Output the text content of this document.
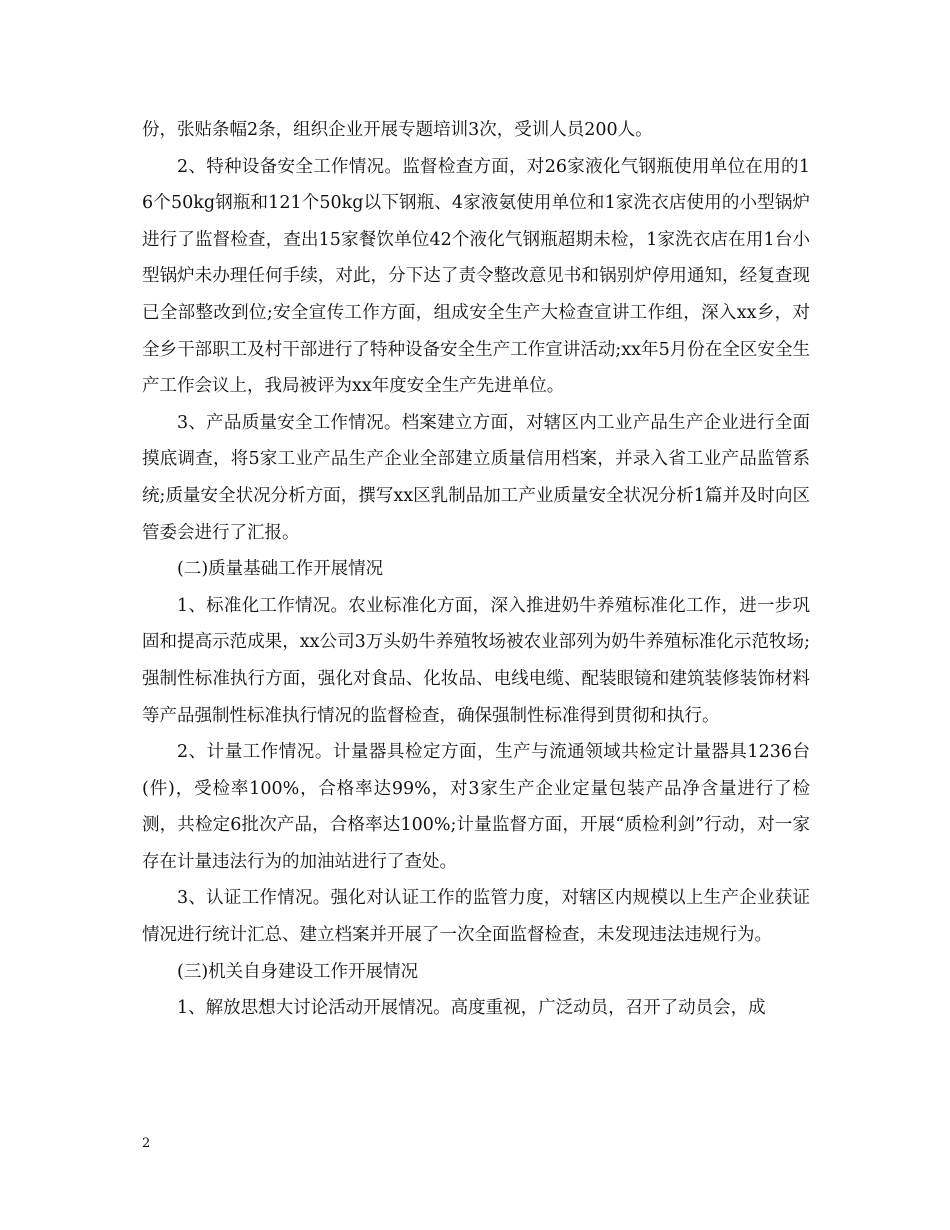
份，张贴条幅2条，组织企业开展专题培训3次，受训人员200人。

2、特种设备安全工作情况。监督检查方面，对26家液化气钢瓶使用单位在用的16个50kg钢瓶和121个50kg以下钢瓶、4家液氨使用单位和1家洗衣店使用的小型锅炉进行了监督检查，查出15家餐饮单位42个液化气钢瓶超期未检，1家洗衣店在用1台小型锅炉未办理任何手续，对此，分下达了责令整改意见书和锅别炉停用通知，经复查现已全部整改到位;安全宣传工作方面，组成安全生产大检查宣讲工作组，深入xx乡，对全乡干部职工及村干部进行了特种设备安全生产工作宣讲活动;xx年5月份在全区安全生产工作会议上，我局被评为xx年度安全生产先进单位。

3、产品质量安全工作情况。档案建立方面，对辖区内工业产品生产企业进行全面摸底调查，将5家工业产品生产企业全部建立质量信用档案，并录入省工业产品监管系统;质量安全状况分析方面，撰写xx区乳制品加工产业质量安全状况分析1篇并及时向区管委会进行了汇报。

(二)质量基础工作开展情况

1、标准化工作情况。农业标准化方面，深入推进奶牛养殖标准化工作，进一步巩固和提高示范成果，xx公司3万头奶牛养殖牧场被农业部列为奶牛养殖标准化示范牧场;强制性标准执行方面，强化对食品、化妆品、电线电缆、配装眼镜和建筑装修装饰材料等产品强制性标准执行情况的监督检查，确保强制性标准得到贯彻和执行。

2、计量工作情况。计量器具检定方面，生产与流通领域共检定计量器具1236台(件)，受检率100%，合格率达99%，对3家生产企业定量包装产品净含量进行了检测，共检定6批次产品，合格率达100%;计量监督方面，开展“质检利剑”行动，对一家存在计量违法行为的加油站进行了查处。

3、认证工作情况。强化对认证工作的监管力度，对辖区内规模以上生产企业获证情况进行统计汇总、建立档案并开展了一次全面监督检查，未发现违法违规行为。

(三)机关自身建设工作开展情况

1、解放思想大讨论活动开展情况。高度重视，广泛动员，召开了动员会，成

2
